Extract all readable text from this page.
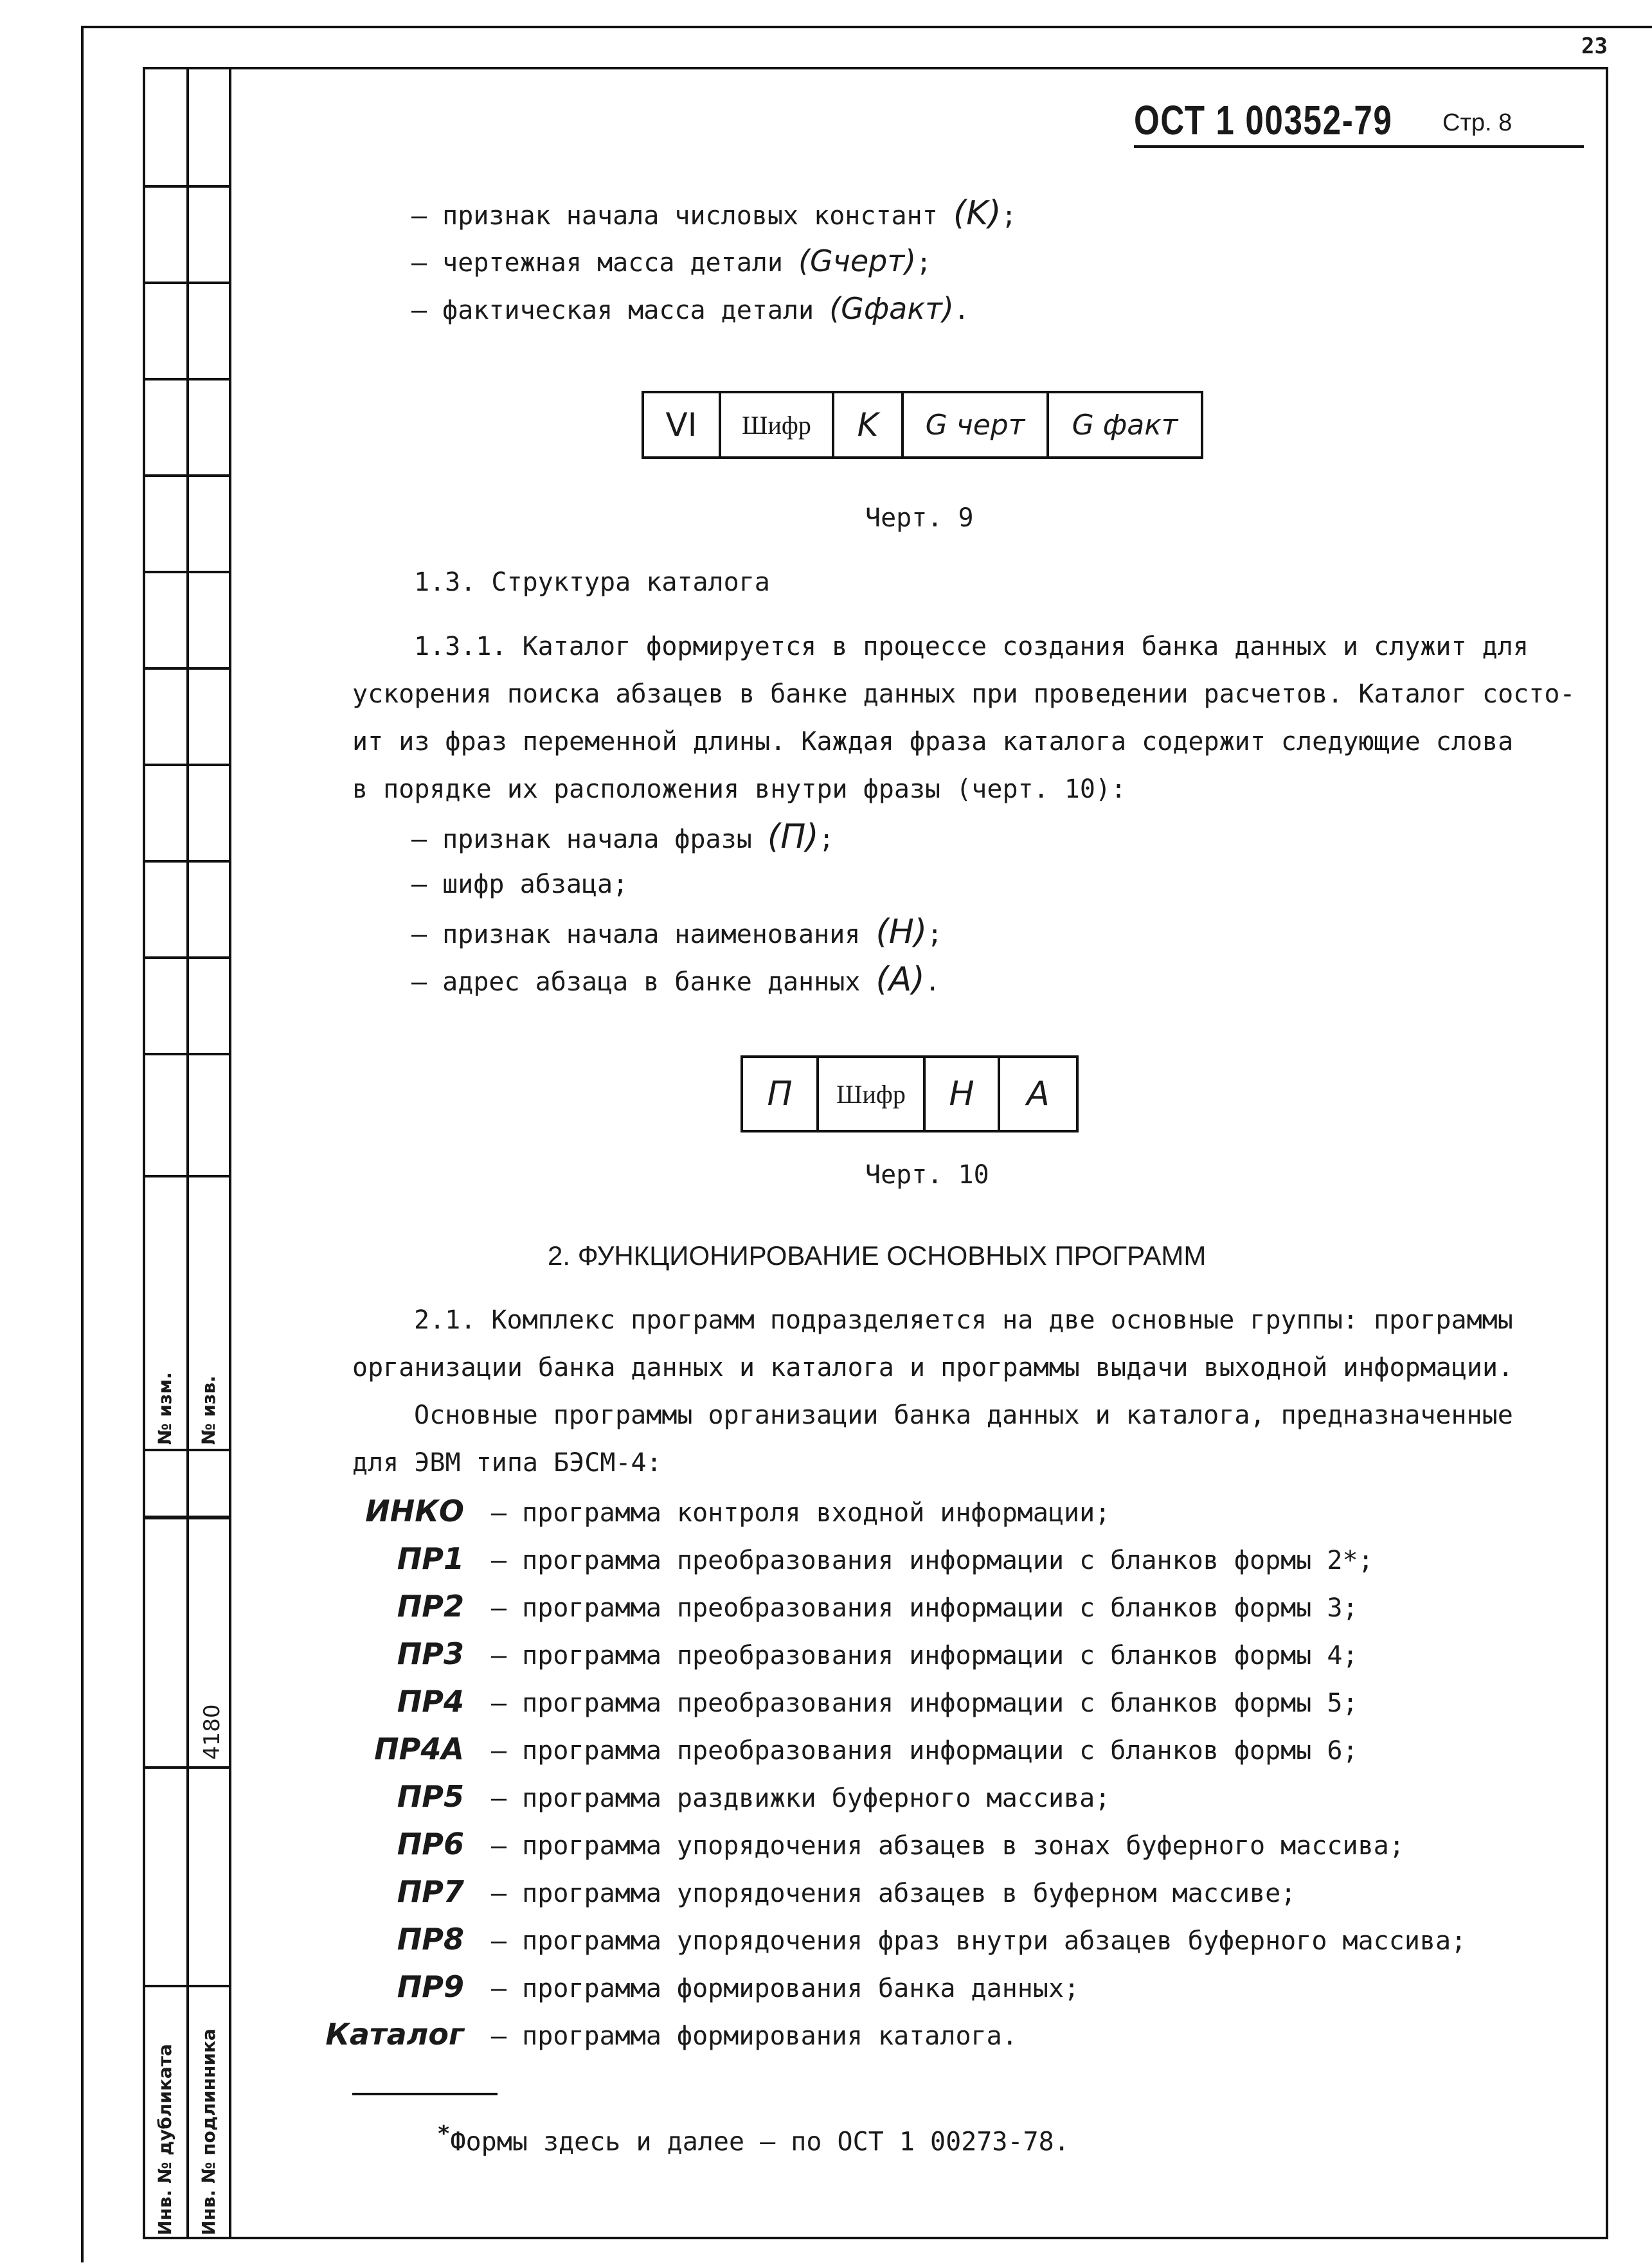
23
№ изм. № изв.
4180
Инв. № дубликата Инв. № подлинника
ОСТ 1 00352-79 Стр. 8
– признак начала числовых констант (K);
– чертежная масса детали (Gчерт);
– фактическая масса детали (Gфакт).
VI	Шифр	K	G черт	G факт
Черт. 9
1.3. Структура каталога
1.3.1. Каталог формируется в процессе создания банка данных и служит для
ускорения поиска абзацев в банке данных при проведении расчетов. Каталог состо-
ит из фраз переменной длины. Каждая фраза каталога содержит следующие слова
в порядке их расположения внутри фразы (черт. 10):
– признак начала фразы (П);
– шифр абзаца;
– признак начала наименования (H);
– адрес абзаца в банке данных (A).
П	Шифр	H	A
Черт. 10
2. ФУНКЦИОНИРОВАНИЕ ОСНОВНЫХ ПРОГРАММ
2.1. Комплекс программ подразделяется на две основные группы: программы
организации банка данных и каталога и программы выдачи выходной информации.
Основные программы организации банка данных и каталога, предназначенные
для ЭВМ типа БЭСМ-4:
ИНКО – программа контроля входной информации;
ПР1 – программа преобразования информации с бланков формы 2*;
ПР2 – программа преобразования информации с бланков формы 3;
ПР3 – программа преобразования информации с бланков формы 4;
ПР4 – программа преобразования информации с бланков формы 5;
ПР4А – программа преобразования информации с бланков формы 6;
ПР5 – программа раздвижки буферного массива;
ПР6 – программа упорядочения абзацев в зонах буферного массива;
ПР7 – программа упорядочения абзацев в буферном массиве;
ПР8 – программа упорядочения фраз внутри абзацев буферного массива;
ПР9 – программа формирования банка данных;
Каталог – программа формирования каталога.
*Формы здесь и далее – по ОСТ 1 00273-78.
